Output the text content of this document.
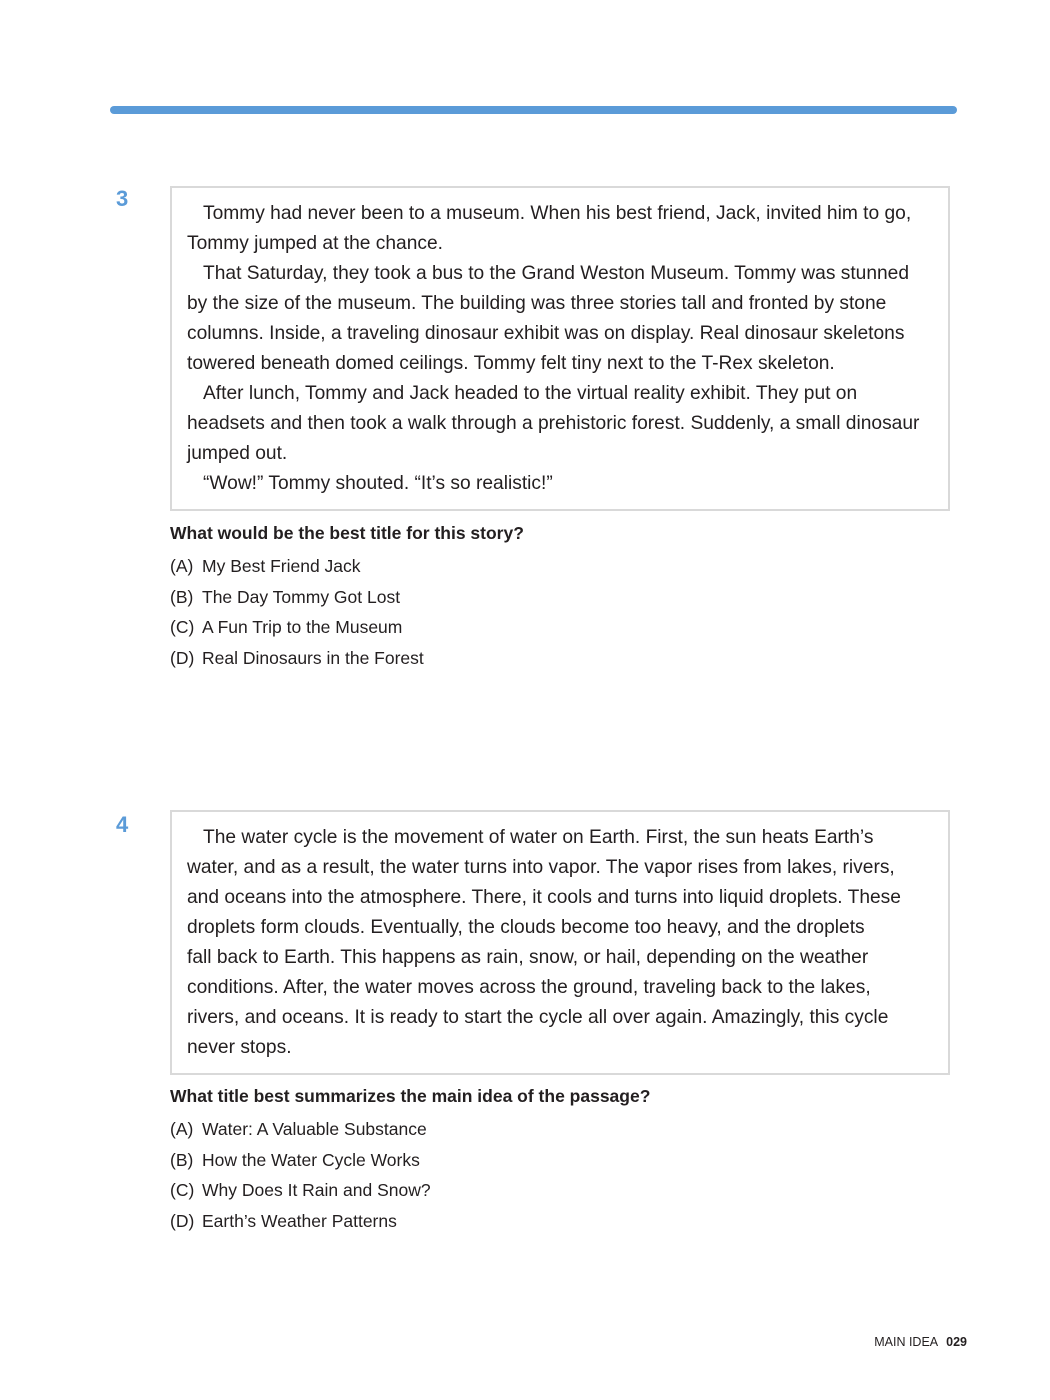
3

Tommy had never been to a museum. When his best friend, Jack, invited him to go,
Tommy jumped at the chance.

That Saturday, they took a bus to the Grand Weston Museum. Tommy was stunned
by the size of the museum. The building was three stories tall and fronted by stone
columns. Inside, a traveling dinosaur exhibit was on display. Real dinosaur skeletons
towered beneath domed ceilings. Tommy felt tiny next to the T-Rex skeleton.

After lunch, Tommy and Jack headed to the virtual reality exhibit. They put on
headsets and then took a walk through a prehistoric forest. Suddenly, a small dinosaur
jumped out.

“Wow!” Tommy shouted. “It’s so realistic!”

What would be the best title for this story?
(A) My Best Friend Jack
(B) The Day Tommy Got Lost
(C) A Fun Trip to the Museum
(D) Real Dinosaurs in the Forest
4

The water cycle is the movement of water on Earth. First, the sun heats Earth’s
water, and as a result, the water turns into vapor. The vapor rises from lakes, rivers,
and oceans into the atmosphere. There, it cools and turns into liquid droplets. These
droplets form clouds. Eventually, the clouds become too heavy, and the droplets
fall back to Earth. This happens as rain, snow, or hail, depending on the weather
conditions. After, the water moves across the ground, traveling back to the lakes,
rivers, and oceans. It is ready to start the cycle all over again. Amazingly, this cycle
never stops.

What title best summarizes the main idea of the passage?
(A) Water: A Valuable Substance
(B) How the Water Cycle Works
(C) Why Does It Rain and Snow?
(D) Earth’s Weather Patterns
MAIN IDEA 029
